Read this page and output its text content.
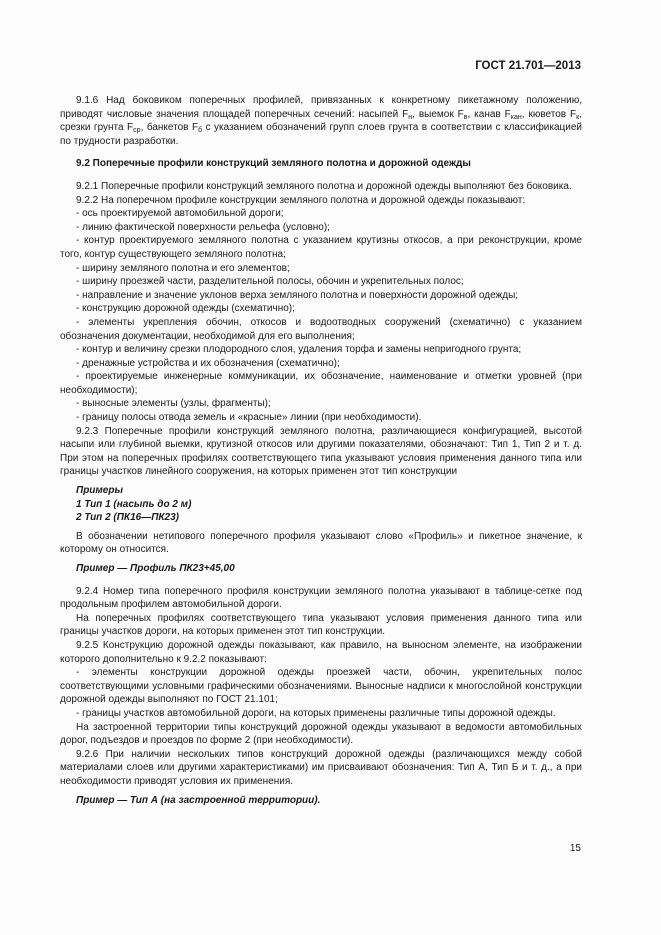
ГОСТ 21.701—2013

9.1.6 Над боковиком поперечных профилей, привязанных к конкретному пикетажному положению, приводят числовые значения площадей поперечных сечений: насыпей $F_н$, выемок $F_в$, канав $F_{кан}$, кюветов $F_к$, срезки грунта $F_{ср}$, банкетов $F_б$ с указанием обозначений групп слоев грунта в соответствии с классификацией по трудности разработки.

9.2 Поперечные профили конструкций земляного полотна и дорожной одежды

9.2.1 Поперечные профили конструкций земляного полотна и дорожной одежды выполняют без боковика.

9.2.2 На поперечном профиле конструкции земляного полотна и дорожной одежды показывают:

- ось проектируемой автомобильной дороги;

- линию фактической поверхности рельефа (условно);

- контур проектируемого земляного полотна с указанием крутизны откосов, а при реконструкции, кроме того, контур существующего земляного полотна;

- ширину земляного полотна и его элементов;

- ширину проезжей части, разделительной полосы, обочин и укрепительных полос;

- направление и значение уклонов верха земляного полотна и поверхности дорожной одежды;

- конструкцию дорожной одежды (схематично);

- элементы укрепления обочин, откосов и водоотводных сооружений (схематично) с указанием обозначения документации, необходимой для его выполнения;

- контур и величину срезки плодородного слоя, удаления торфа и замены непригодного грунта;

- дренажные устройства и их обозначения (схематично);

- проектируемые инженерные коммуникации, их обозначение, наименование и отметки уровней (при необходимости);

- выносные элементы (узлы, фрагменты);

- границу полосы отвода земель и «красные» линии (при необходимости).

9.2.3 Поперечные профили конструкций земляного полотна, различающиеся конфигурацией, высотой насыпи или глубиной выемки, крутизной откосов или другими показателями, обозначают: Тип 1, Тип 2 и т. д. При этом на поперечных профилях соответствующего типа указывают условия применения данного типа или границы участков линейного сооружения, на которых применен этот тип конструкции

Примеры

1 Тип 1 (насыпь до 2 м)

2 Тип 2 (ПК16—ПК23)

В обозначении нетипового поперечного профиля указывают слово «Профиль» и пикетное значение, к которому он относится.

Пример — Профиль ПК23+45,00

9.2.4 Номер типа поперечного профиля конструкции земляного полотна указывают в таблице-сетке под продольным профилем автомобильной дороги.

На поперечных профилях соответствующего типа указывают условия применения данного типа или границы участков дороги, на которых применен этот тип конструкции.

9.2.5 Конструкцию дорожной одежды показывают, как правило, на выносном элементе, на изображении которого дополнительно к 9.2.2 показывают:

- элементы конструкции дорожной одежды проезжей части, обочин, укрепительных полос соответствующими условными графическими обозначениями. Выносные надписи к многослойной конструкции дорожной одежды выполняют по ГОСТ 21.101;

- границы участков автомобильной дороги, на которых применены различные типы дорожной одежды.

На застроенной территории типы конструкций дорожной одежды указывают в ведомости автомобильных дорог, подъездов и проездов по форме 2 (при необходимости).

9.2.6 При наличии нескольких типов конструкций дорожной одежды (различающихся между собой материалами слоев или другими характеристиками) им присваивают обозначения: Тип А, Тип Б и т. д., а при необходимости приводят условия их применения.

Пример — Тип А (на застроенной территории).

15
